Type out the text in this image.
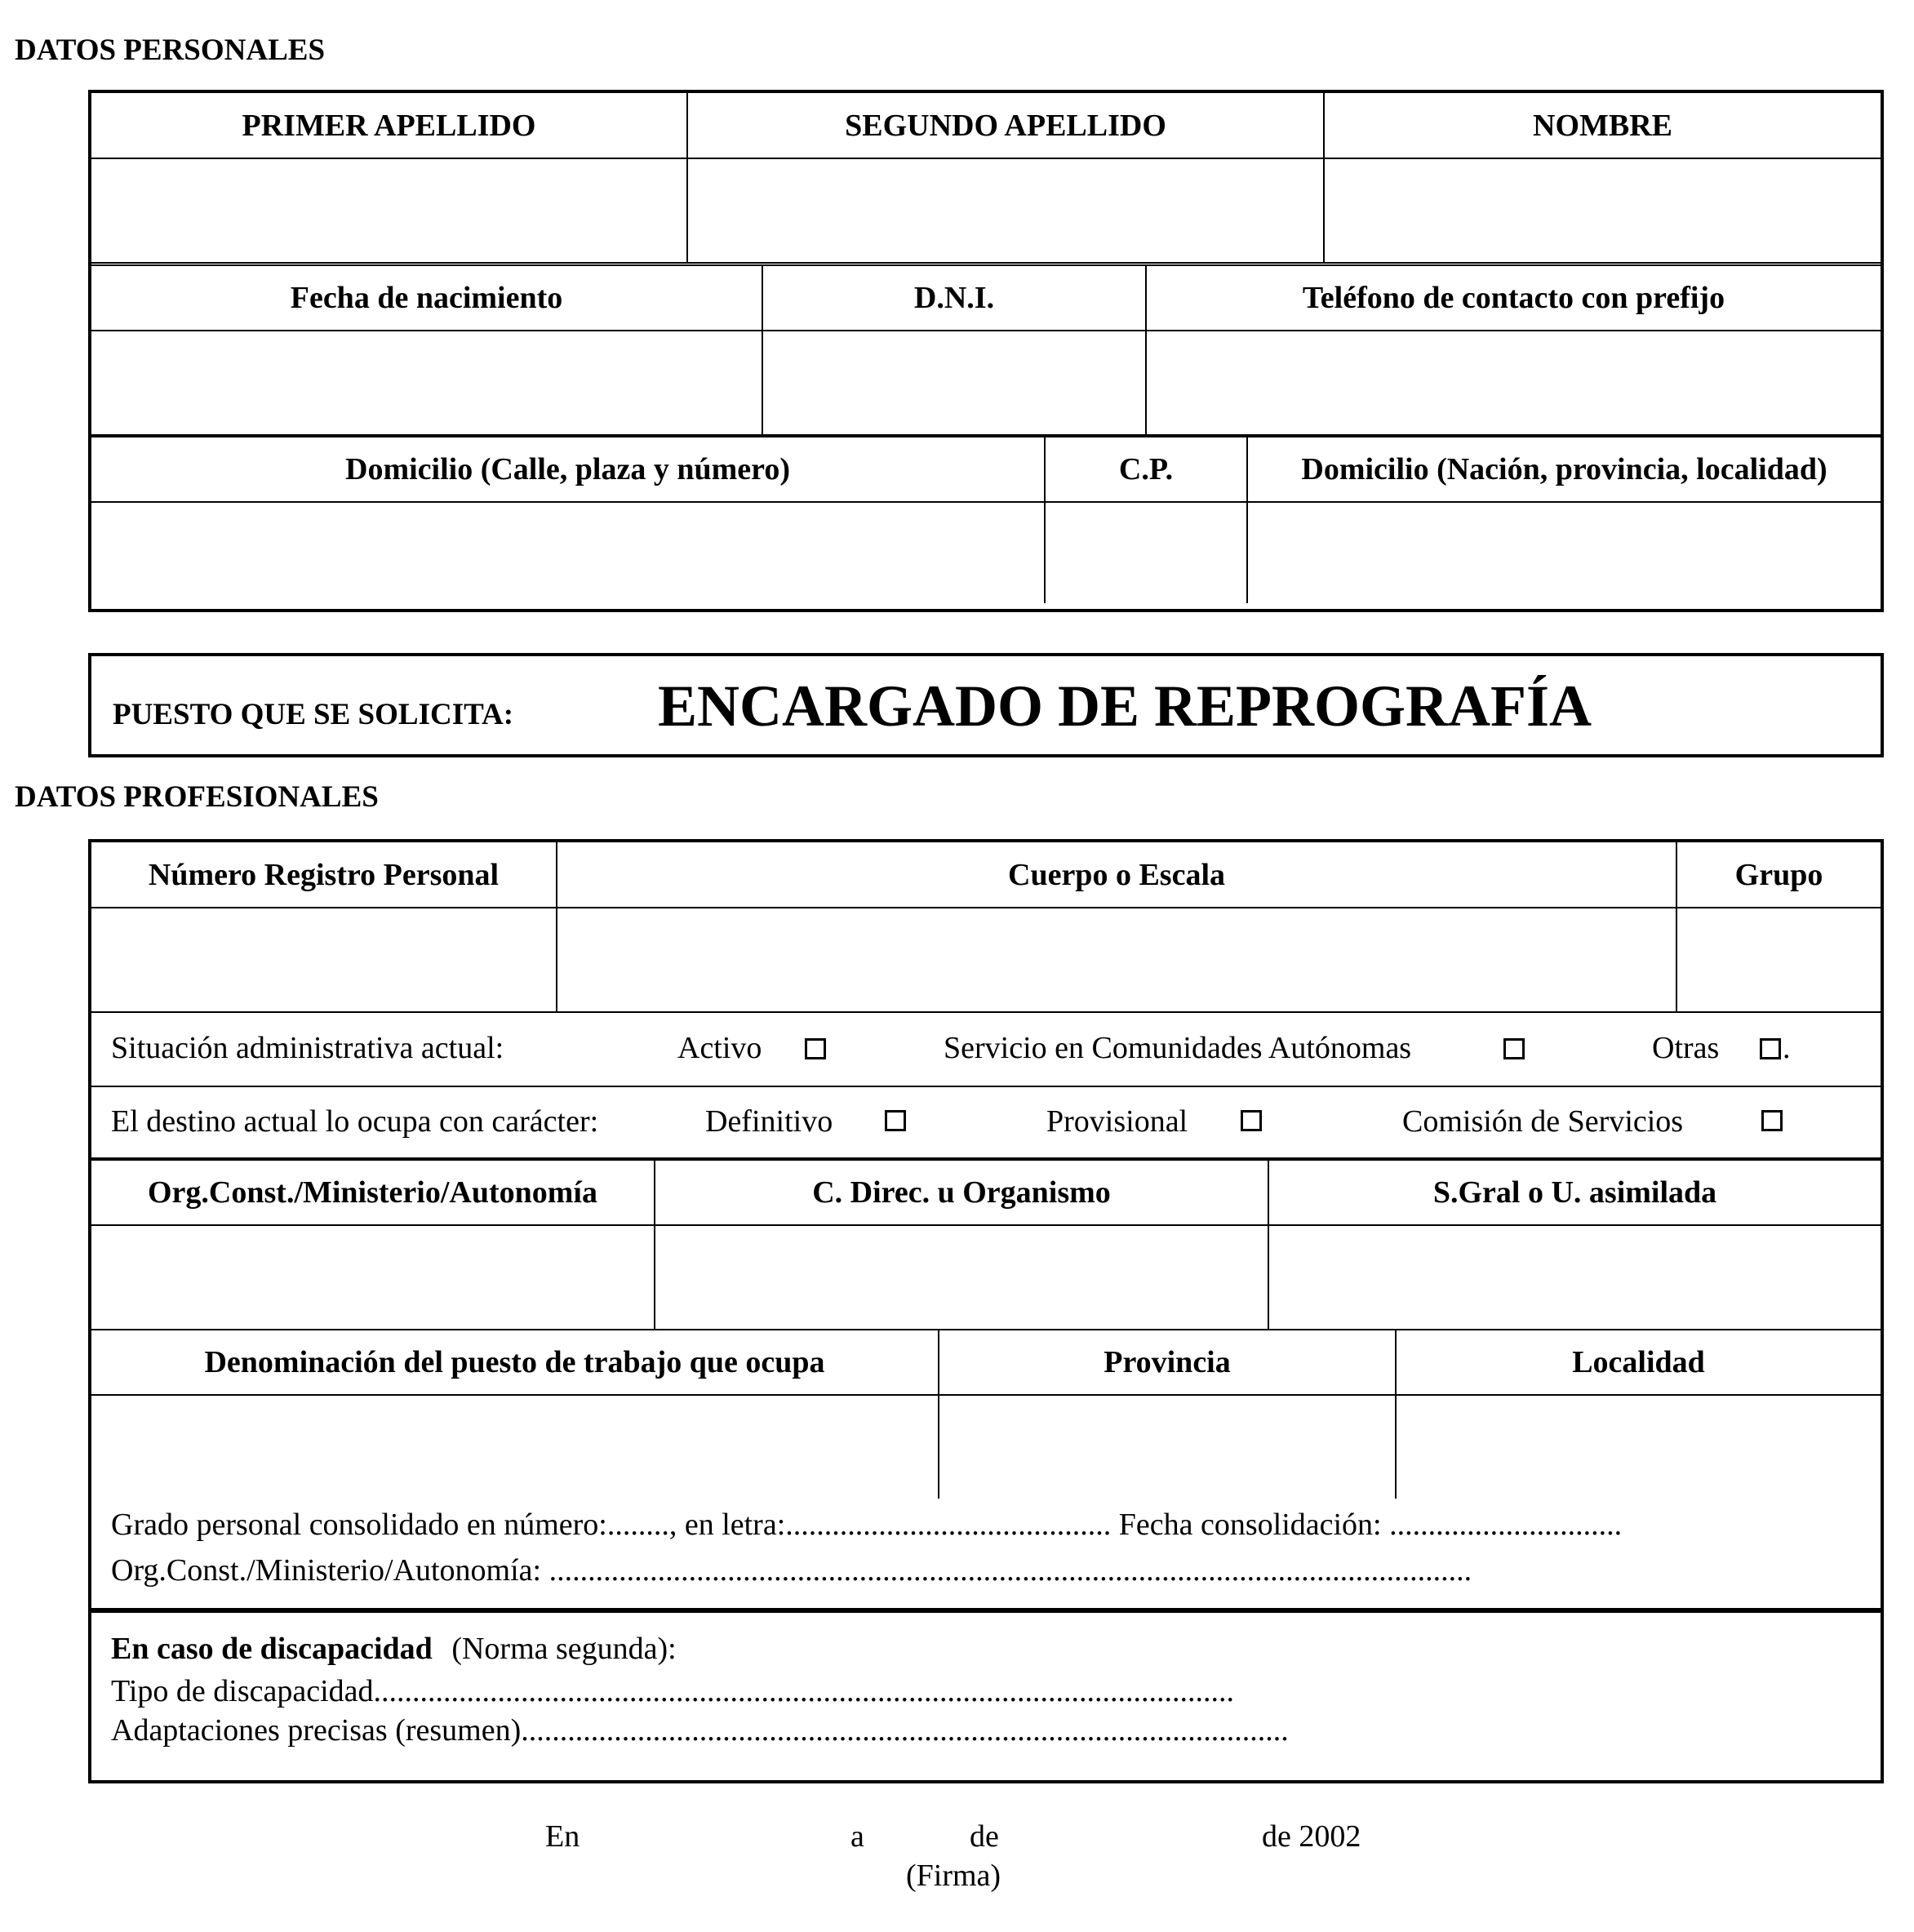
DATOS PERSONALES
PRIMER APELLIDO	SEGUNDO APELLIDO	NOMBRE

Fecha de nacimiento	D.N.I.	Teléfono de contacto con prefijo

Domicilio (Calle, plaza y número)	C.P.	Domicilio (Nación, provincia, localidad)

PUESTO QUE SE SOLICITA: ENCARGADO DE REPROGRAFÍA
DATOS PROFESIONALES
Número Registro Personal	Cuerpo o Escala	Grupo

Situación administrativa actual:	Activo	Servicio en Comunidades Autónomas	Otras .
El destino actual lo ocupa con carácter:	Definitivo	Provisional	Comisión de Servicios
Org.Const./Ministerio/Autonomía	C. Direc. u Organismo	S.Gral o U. asimilada

Denominación del puesto de trabajo que ocupa	Provincia	Localidad

Grado personal consolidado en número:........, en letra:.......................................... Fecha consolidación: ..............................
Org.Const./Ministerio/Autonomía: .......................................................................................................................
En caso de discapacidad (Norma segunda):
Tipo de discapacidad...............................................................................................................
Adaptaciones precisas (resumen)...................................................................................................
En	a	de	de 2002
(Firma)
